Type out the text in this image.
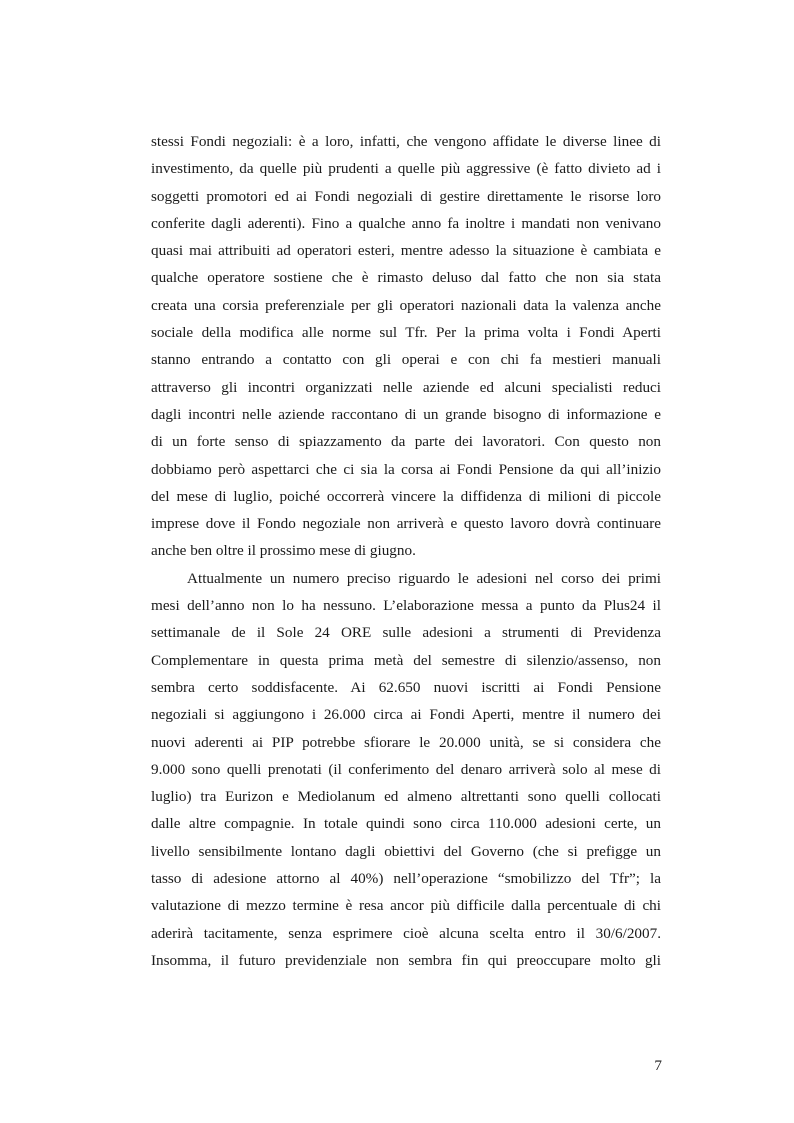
stessi Fondi negoziali: è a loro, infatti, che vengono affidate le diverse linee di
investimento, da quelle più prudenti a quelle più aggressive (è fatto divieto ad i
soggetti promotori ed ai Fondi negoziali di gestire direttamente le risorse loro
conferite dagli aderenti). Fino a qualche anno fa inoltre i mandati non venivano
quasi mai attribuiti ad operatori esteri, mentre adesso la situazione è cambiata e
qualche operatore sostiene che è rimasto deluso dal fatto che non sia stata
creata una corsia preferenziale per gli operatori nazionali data la valenza anche
sociale della modifica alle norme sul Tfr. Per la prima volta i Fondi Aperti
stanno entrando a contatto con gli operai e con chi fa mestieri manuali
attraverso gli incontri organizzati nelle aziende ed alcuni specialisti reduci
dagli incontri nelle aziende raccontano di un grande bisogno di informazione e
di un forte senso di spiazzamento da parte dei lavoratori. Con questo non
dobbiamo però aspettarci che ci sia la corsa ai Fondi Pensione da qui all’inizio
del mese di luglio, poiché occorrerà vincere la diffidenza di milioni di piccole
imprese dove il Fondo negoziale non arriverà e questo lavoro dovrà continuare
anche ben oltre il prossimo mese di giugno.
Attualmente un numero preciso riguardo le adesioni nel corso dei primi
mesi dell’anno non lo ha nessuno. L’elaborazione messa a punto da Plus24 il
settimanale de il Sole 24 ORE sulle adesioni a strumenti di Previdenza
Complementare in questa prima metà del semestre di silenzio/assenso, non
sembra certo soddisfacente. Ai 62.650 nuovi iscritti ai Fondi Pensione
negoziali si aggiungono i 26.000 circa ai Fondi Aperti, mentre il numero dei
nuovi aderenti ai PIP potrebbe sfiorare le 20.000 unità, se si considera che
9.000 sono quelli prenotati (il conferimento del denaro arriverà solo al mese di
luglio) tra Eurizon e Mediolanum ed almeno altrettanti sono quelli collocati
dalle altre compagnie. In totale quindi sono circa 110.000 adesioni certe, un
livello sensibilmente lontano dagli obiettivi del Governo (che si prefigge un
tasso di adesione attorno al 40%) nell’operazione “smobilizzo del Tfr”; la
valutazione di mezzo termine è resa ancor più difficile dalla percentuale di chi
aderirà tacitamente, senza esprimere cioè alcuna scelta entro il 30/6/2007.
Insomma, il futuro previdenziale non sembra fin qui preoccupare molto gli
7
